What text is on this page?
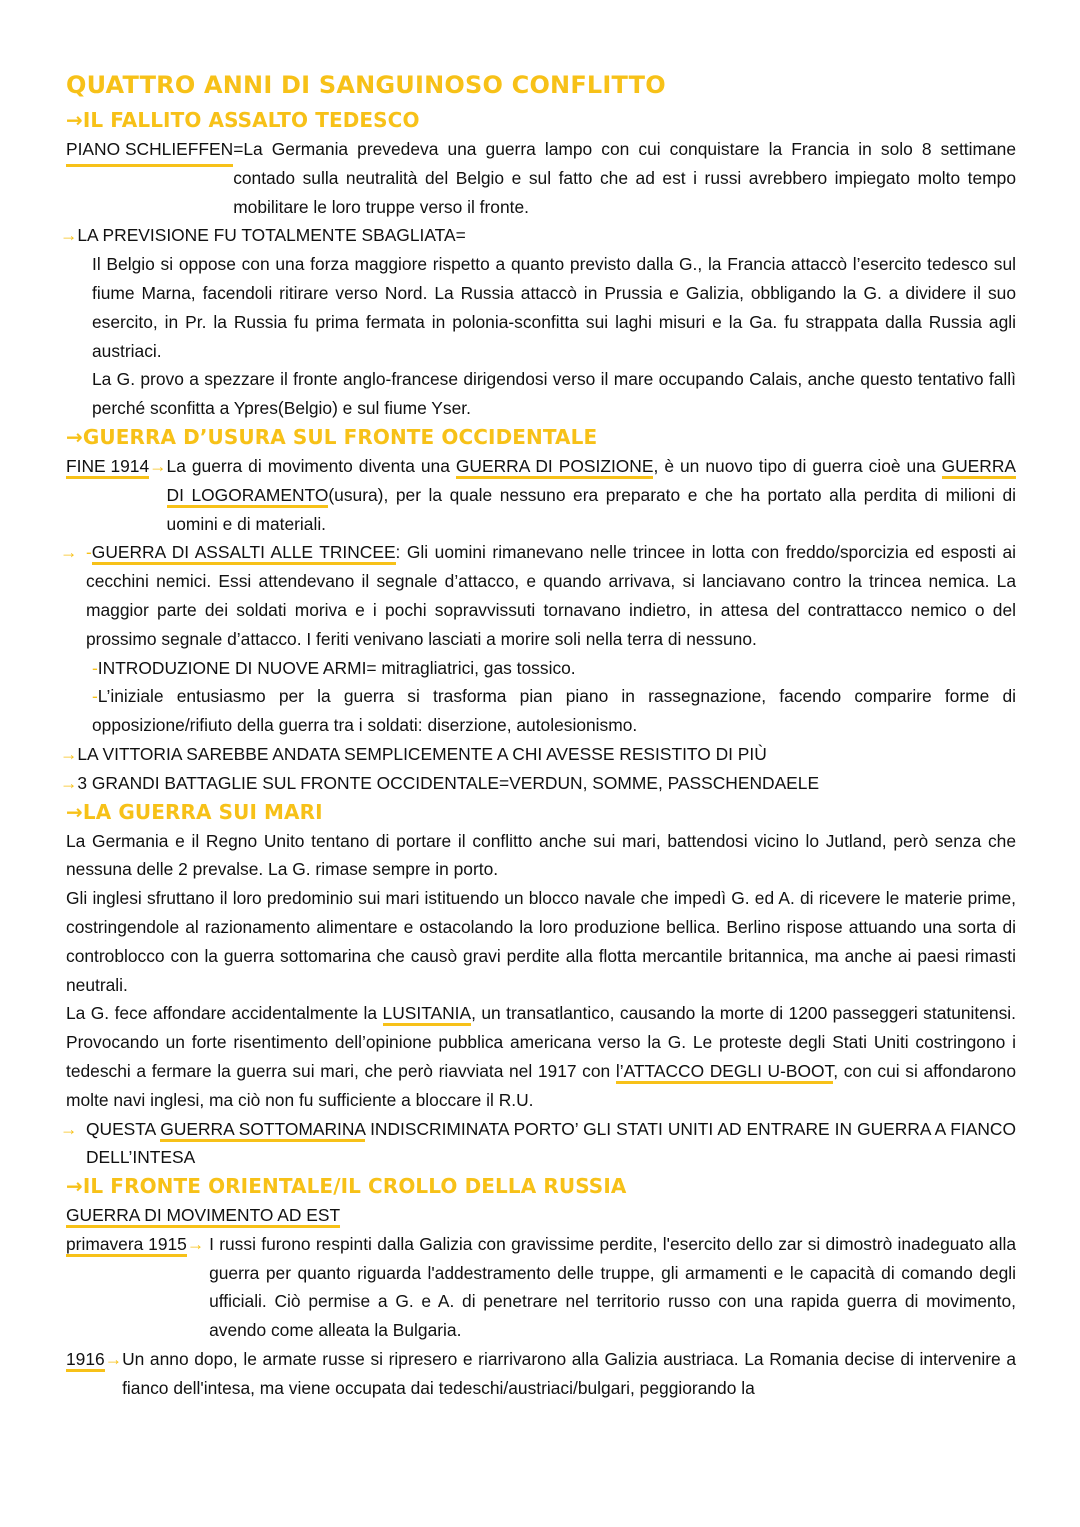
QUATTRO ANNI DI SANGUINOSO CONFLITTO
→IL FALLITO ASSALTO TEDESCO
PIANO SCHLIEFFEN =La Germania prevedeva una guerra lampo con cui conquistare la Francia in solo 8 settimane contado sulla neutralità del Belgio e sul fatto che ad est i russi avrebbero impiegato molto tempo mobilitare le loro truppe verso il fronte.

→LA PREVISIONE FU TOTALMENTE SBAGLIATA=

Il Belgio si oppose con una forza maggiore rispetto a quanto previsto dalla G., la Francia attaccò l’esercito tedesco sul fiume Marna, facendoli ritirare verso Nord. La Russia attaccò in Prussia e Galizia, obbligando la G. a dividere il suo esercito, in Pr. la Russia fu prima fermata in polonia-sconfitta sui laghi misuri e la Ga. fu strappata dalla Russia agli austriaci.

La G. provo a spezzare il fronte anglo-francese dirigendosi verso il mare occupando Calais, anche questo tentativo fallì perché sconfitta a Ypres(Belgio) e sul fiume Yser.

→GUERRA D’USURA SUL FRONTE OCCIDENTALE
FINE 1914→ La guerra di movimento diventa una GUERRA DI POSIZIONE, è un nuovo tipo di guerra cioè una GUERRA DI LOGORAMENTO(usura), per la quale nessuno era preparato e che ha portato alla perdita di milioni di uomini e di materiali.
→ -GUERRA DI ASSALTI ALLE TRINCEE: Gli uomini rimanevano nelle trincee in lotta con freddo/sporcizia ed esposti ai cecchini nemici. Essi attendevano il segnale d’attacco, e quando arrivava, si lanciavano contro la trincea nemica. La maggior parte dei soldati moriva e i pochi sopravvissuti tornavano indietro, in attesa del contrattacco nemico o del prossimo segnale d’attacco. I feriti venivano lasciati a morire soli nella terra di nessuno.

-INTRODUZIONE DI NUOVE ARMI= mitragliatrici, gas tossico.

-L’iniziale entusiasmo per la guerra si trasforma pian piano in rassegnazione, facendo comparire forme di opposizione/rifiuto della guerra tra i soldati: diserzione, autolesionismo.

→LA VITTORIA SAREBBE ANDATA SEMPLICEMENTE A CHI AVESSE RESISTITO DI PIÙ

→3 GRANDI BATTAGLIE SUL FRONTE OCCIDENTALE=VERDUN, SOMME, PASSCHENDAELE

→LA GUERRA SUI MARI

La Germania e il Regno Unito tentano di portare il conflitto anche sui mari, battendosi vicino lo Jutland, però senza che nessuna delle 2 prevalse. La G. rimase sempre in porto.

Gli inglesi sfruttano il loro predominio sui mari istituendo un blocco navale che impedì G. ed A. di ricevere le materie prime, costringendole al razionamento alimentare e ostacolando la loro produzione bellica. Berlino rispose attuando una sorta di controblocco con la guerra sottomarina che causò gravi perdite alla flotta mercantile britannica, ma anche ai paesi rimasti neutrali.

La G. fece affondare accidentalmente la LUSITANIA, un transatlantico, causando la morte di 1200 passeggeri statunitensi. Provocando un forte risentimento dell’opinione pubblica americana verso la G. Le proteste degli Stati Uniti costringono i tedeschi a fermare la guerra sui mari, che però riavviata nel 1917 con l’ATTACCO DEGLI U-BOOT, con cui si affondarono molte navi inglesi, ma ciò non fu sufficiente a bloccare il R.U.

→ QUESTA GUERRA SOTTOMARINA INDISCRIMINATA PORTO’ GLI STATI UNITI AD ENTRARE IN GUERRA A FIANCO DELL’INTESA
→IL FRONTE ORIENTALE/IL CROLLO DELLA RUSSIA

GUERRA DI MOVIMENTO AD EST

primavera 1915→ I russi furono respinti dalla Galizia con gravissime perdite, l'esercito dello zar si dimostrò inadeguato alla guerra per quanto riguarda l'addestramento delle truppe, gli armamenti e le capacità di comando degli ufficiali. Ciò permise a G. e A. di penetrare nel territorio russo con una rapida guerra di movimento, avendo come alleata la Bulgaria.
1916→ Un anno dopo, le armate russe si ripresero e riarrivarono alla Galizia austriaca. La Romania decise di intervenire a fianco dell'intesa, ma viene occupata dai tedeschi/austriaci/bulgari, peggiorando la
